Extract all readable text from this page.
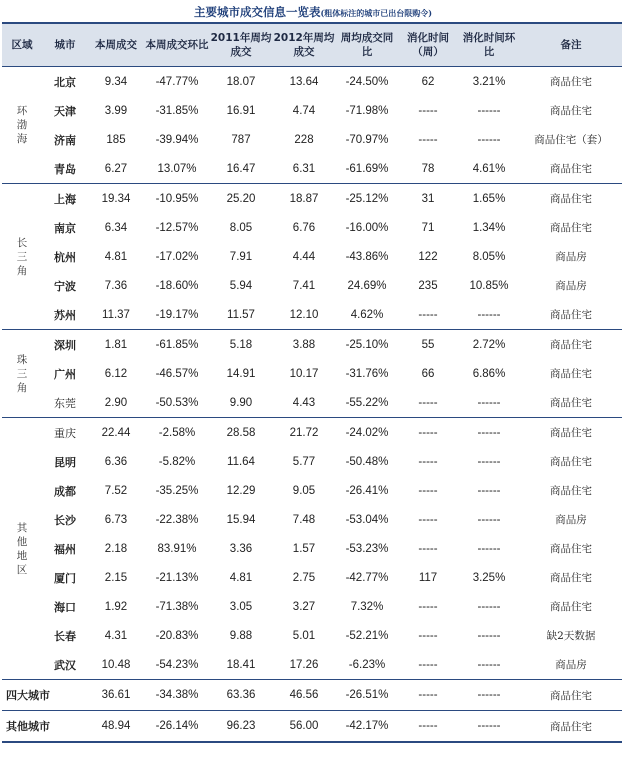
主要城市成交信息一览表(粗体标注的城市已出台限购令)
区域	城市	本周成交	本周成交环比	2011年周均成交	2012年周均成交	周均成交同比	消化时间（周）	消化时间环比	备注
环渤海	北京	9.34	-47.77%	18.07	13.64	-24.50%	62	3.21%	商品住宅
	天津	3.99	-31.85%	16.91	4.74	-71.98%	-----	------	商品住宅
	济南	185	-39.94%	787	228	-70.97%	-----	------	商品住宅（套）
	青岛	6.27	13.07%	16.47	6.31	-61.69%	78	4.61%	商品住宅
长三角	上海	19.34	-10.95%	25.20	18.87	-25.12%	31	1.65%	商品住宅
	南京	6.34	-12.57%	8.05	6.76	-16.00%	71	1.34%	商品住宅
	杭州	4.81	-17.02%	7.91	4.44	-43.86%	122	8.05%	商品房
	宁波	7.36	-18.60%	5.94	7.41	24.69%	235	10.85%	商品房
	苏州	11.37	-19.17%	11.57	12.10	4.62%	-----	------	商品住宅
珠三角	深圳	1.81	-61.85%	5.18	3.88	-25.10%	55	2.72%	商品住宅
	广州	6.12	-46.57%	14.91	10.17	-31.76%	66	6.86%	商品住宅
	东莞	2.90	-50.53%	9.90	4.43	-55.22%	-----	------	商品住宅
其他地区	重庆	22.44	-2.58%	28.58	21.72	-24.02%	-----	------	商品住宅
	昆明	6.36	-5.82%	11.64	5.77	-50.48%	-----	------	商品住宅
	成都	7.52	-35.25%	12.29	9.05	-26.41%	-----	------	商品住宅
	长沙	6.73	-22.38%	15.94	7.48	-53.04%	-----	------	商品房
	福州	2.18	83.91%	3.36	1.57	-53.23%	-----	------	商品住宅
	厦门	2.15	-21.13%	4.81	2.75	-42.77%	117	3.25%	商品住宅
	海口	1.92	-71.38%	3.05	3.27	7.32%	-----	------	商品住宅
	长春	4.31	-20.83%	9.88	5.01	-52.21%	-----	------	缺2天数据
	武汉	10.48	-54.23%	18.41	17.26	-6.23%	-----	------	商品房
四大城市		36.61	-34.38%	63.36	46.56	-26.51%	-----	------	商品住宅
其他城市		48.94	-26.14%	96.23	56.00	-42.17%	-----	------	商品住宅
